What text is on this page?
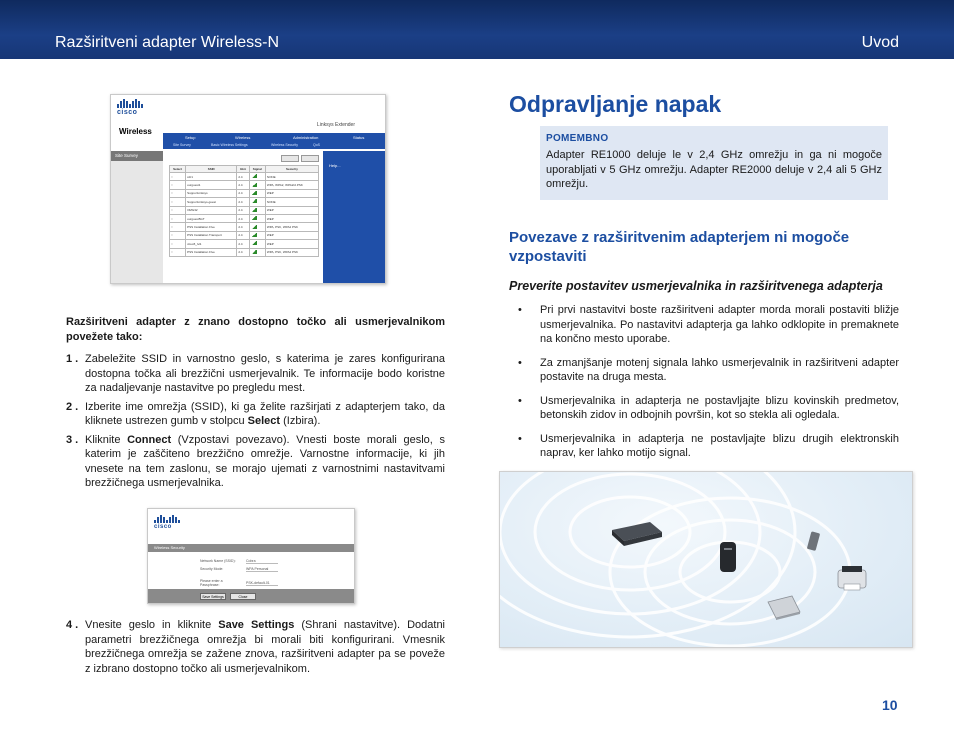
Razširitveni adapter Wireless-N	Uvod
cisco
Wireless
Linksys Extender
Setup	Wireless	Administration	Status
Site Survey	Basic Wireless Settings	Wireless Security	QoS
Site Survey
Help...
Select	SSID	GHz	Signal	Security
○	cdr1	2.4		NONE
○	ourguest1	2.4		WPA, WPA2, WPA2/A PSK
○	SupportLinksys	2.4		WEP
○	SupportLinksys-guest	2.4		NONE
○	OMG32	2.4		WEP
○	ourguest5GT	2.4		WEP
○	PSS Installation Five	2.4		WPA, PSK, WPA2 PSK
○	PSS Installation Transport	2.4		WEP
○	vireo5_ivl1	2.4		WEP
○	PSS Installation Five	2.4		WPA, PSK, WPA2 PSK
Razširitveni adapter z znano dostopno točko ali usmerjevalnikom povežete tako:
1 . Zabeležite SSID in varnostno geslo, s katerima je zares konfigurirana dostopna točka ali brezžični usmerjevalnik. Te informacije bodo koristne za nadaljevanje nastavitve po pregledu mest.
2 . Izberite ime omrežja (SSID), ki ga želite razširjati z adapterjem tako, da kliknete ustrezen gumb v stolpcu Select (Izbira).
3 . Kliknite Connect (Vzpostavi povezavo). Vnesti boste morali geslo, s katerim je zaščiteno brezžično omrežje. Varnostne informacije, ki jih vnesete na tem zaslonu, se morajo ujemati z varnostnimi nastavitvami brezžičnega usmerjevalnika.
cisco
Wireless Security
Network Name (SSID):	Cobra
Security Mode:	WPA Personal
Please enter a Passphrase:
PSK-default-01
Save Settings	Close
4 . Vnesite geslo in kliknite Save Settings (Shrani nastavitve). Dodatni parametri brezžičnega omrežja bi morali biti konfigurirani. Vmesnik brezžičnega omrežja se zažene znova, razširitveni adapter pa se poveže z izbrano dostopno točko ali usmerjevalnikom.
Odpravljanje napak
POMEMBNO
Adapter RE1000 deluje le v 2,4 GHz omrežju in ga ni mogoče uporabljati v 5 GHz omrežju. Adapter RE2000 deluje v 2,4 ali 5 GHz omrežju.
Povezave z razširitvenim adapterjem ni mogoče vzpostaviti
Preverite postavitev usmerjevalnika in razširitvenega adapterja
• Pri prvi nastavitvi boste razširitveni adapter morda morali postaviti bližje usmerjevalnika. Po nastavitvi adapterja ga lahko odklopite in premaknete na končno mesto uporabe.
• Za zmanjšanje motenj signala lahko usmerjevalnik in razširitveni adapter postavite na druga mesta.
• Usmerjevalnika in adapterja ne postavljajte blizu kovinskih predmetov, betonskih zidov in odbojnih površin, kot so stekla ali ogledala.
• Usmerjevalnika in adapterja ne postavljajte blizu drugih elektronskih naprav, ker lahko motijo signal.
10
